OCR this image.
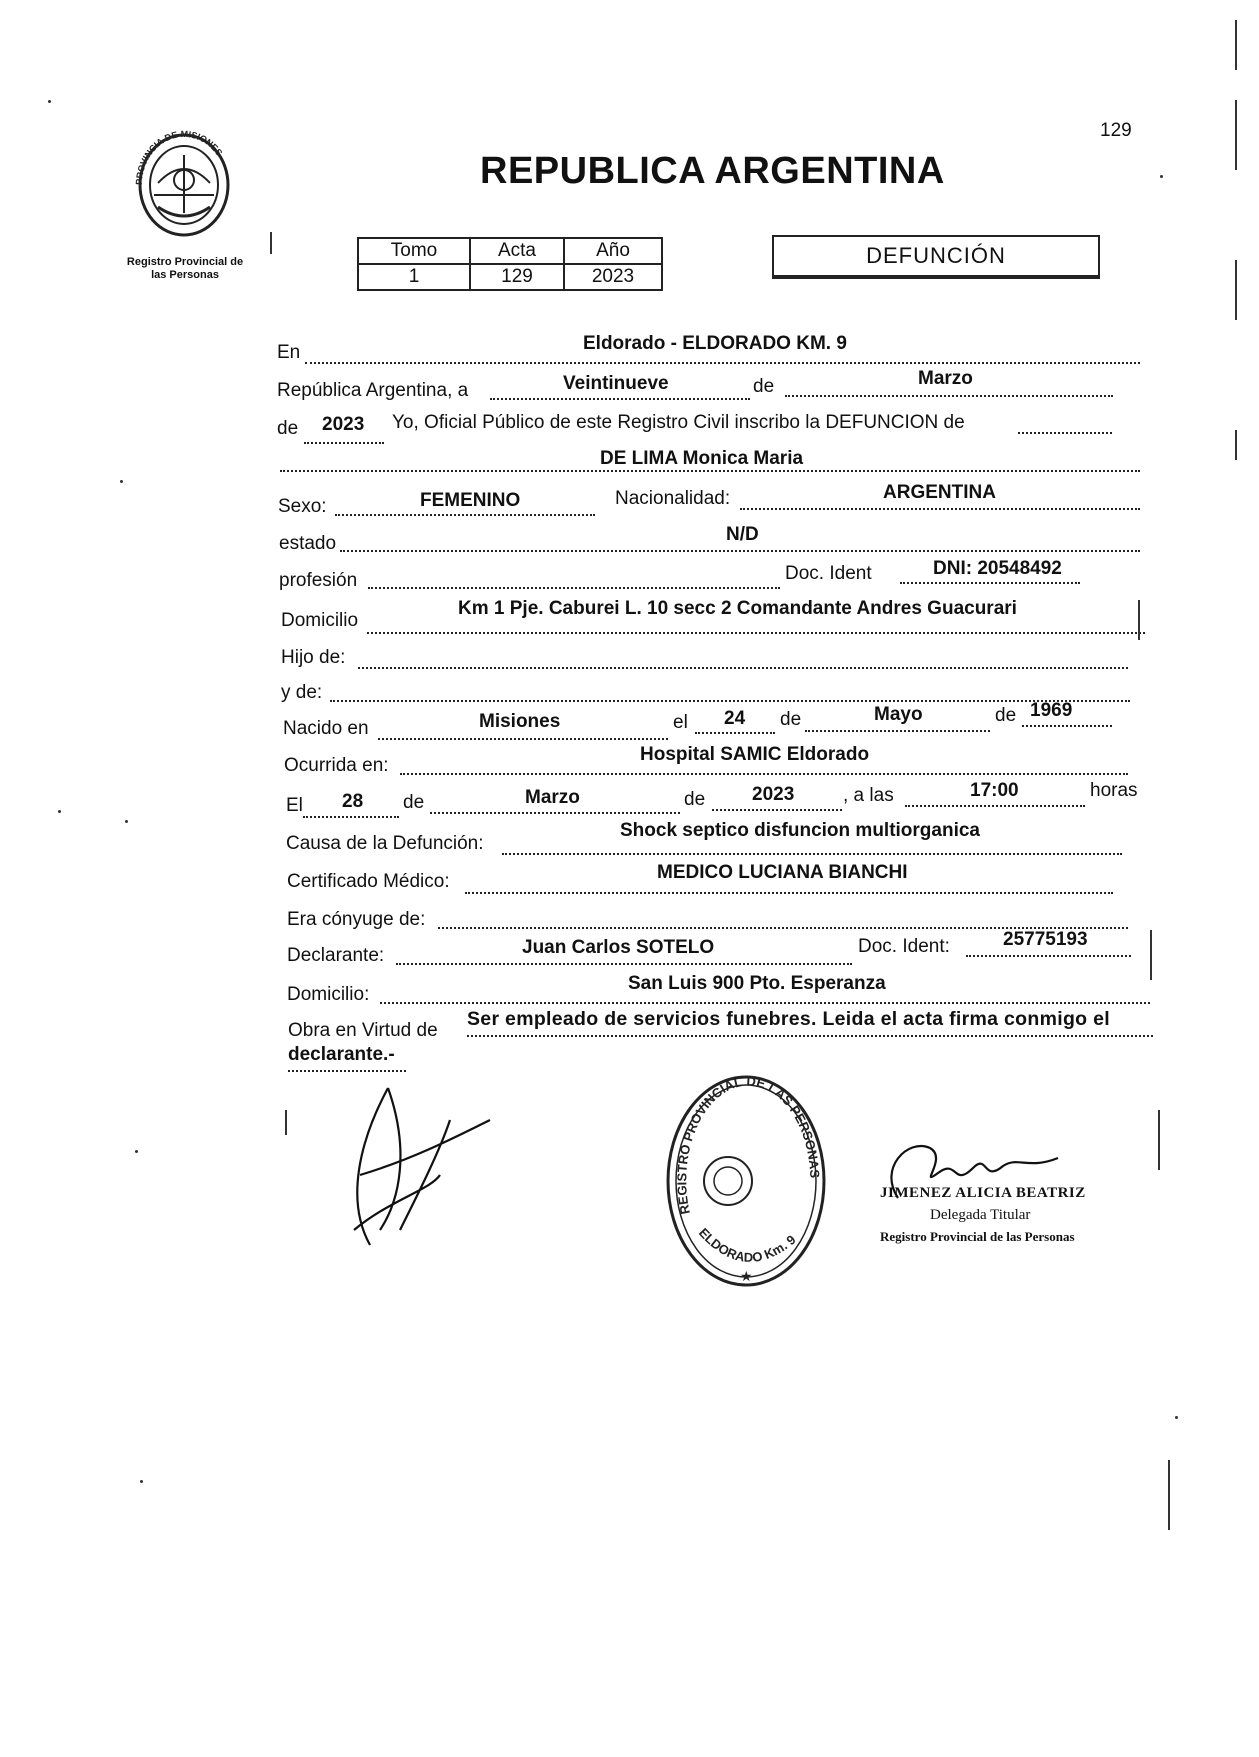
129
PROVINCIA DE MISIONES
Registro Provincial de
las Personas
REPUBLICA ARGENTINA
Tomo	Acta	Año
1	129	2023
DEFUNCIÓN
En	Eldorado - ELDORADO KM. 9
República Argentina, a	Veintinueve	de	Marzo
de 2023 Yo, Oficial Público de este Registro Civil inscribo la DEFUNCION de
DE LIMA Monica Maria
Sexo:	FEMENINO	Nacionalidad:	ARGENTINA
estado	N/D
profesión	Doc. Ident	DNI: 20548492
Domicilio
Km 1 Pje. Caburei L. 10 secc 2 Comandante Andres Guacurari
Hijo de:
y de:
Nacido en	Misiones	el 24 de	Mayo	de 1969
Ocurrida en:
Hospital SAMIC Eldorado
El 28 de	Marzo	de 2023	, a las	17:00	horas
Causa de la Defunción:
Shock septico disfuncion multiorganica
Certificado Médico:	MEDICO LUCIANA BIANCHI
Era cónyuge de:
Declarante:	Juan Carlos SOTELO	Doc. Ident:	25775193
Domicilio:
San Luis 900 Pto. Esperanza
Obra en Virtud de
Ser empleado de servicios funebres. Leida el acta firma conmigo el
declarante.-
REGISTRO PROVINCIAL DE LAS PERSONAS
ELDORADO Km. 9
★
JIMENEZ ALICIA BEATRIZ
Delegada Titular
Registro Provincial de las Personas
